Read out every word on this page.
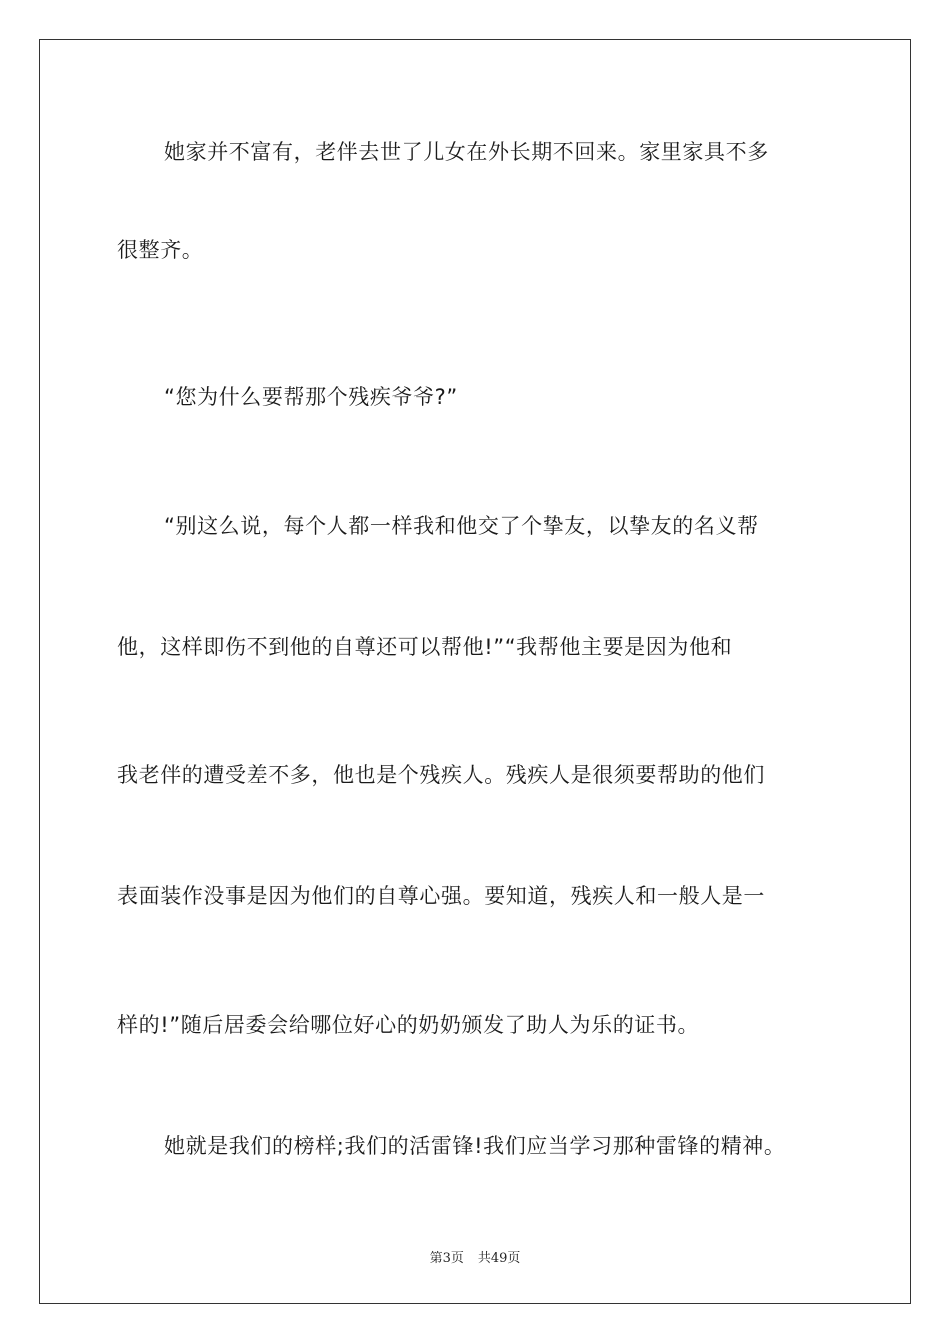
她家并不富有，老伴去世了儿女在外长期不回来。家里家具不多
很整齐。
“您为什么要帮那个残疾爷爷?”
“别这么说，每个人都一样我和他交了个挚友，以挚友的名义帮
他，这样即伤不到他的自尊还可以帮他!”“我帮他主要是因为他和
我老伴的遭受差不多，他也是个残疾人。残疾人是很须要帮助的他们
表面装作没事是因为他们的自尊心强。要知道，残疾人和一般人是一
样的!”随后居委会给哪位好心的奶奶颁发了助人为乐的证书。
她就是我们的榜样;我们的活雷锋!我们应当学习那种雷锋的精神。
第3页 共49页
